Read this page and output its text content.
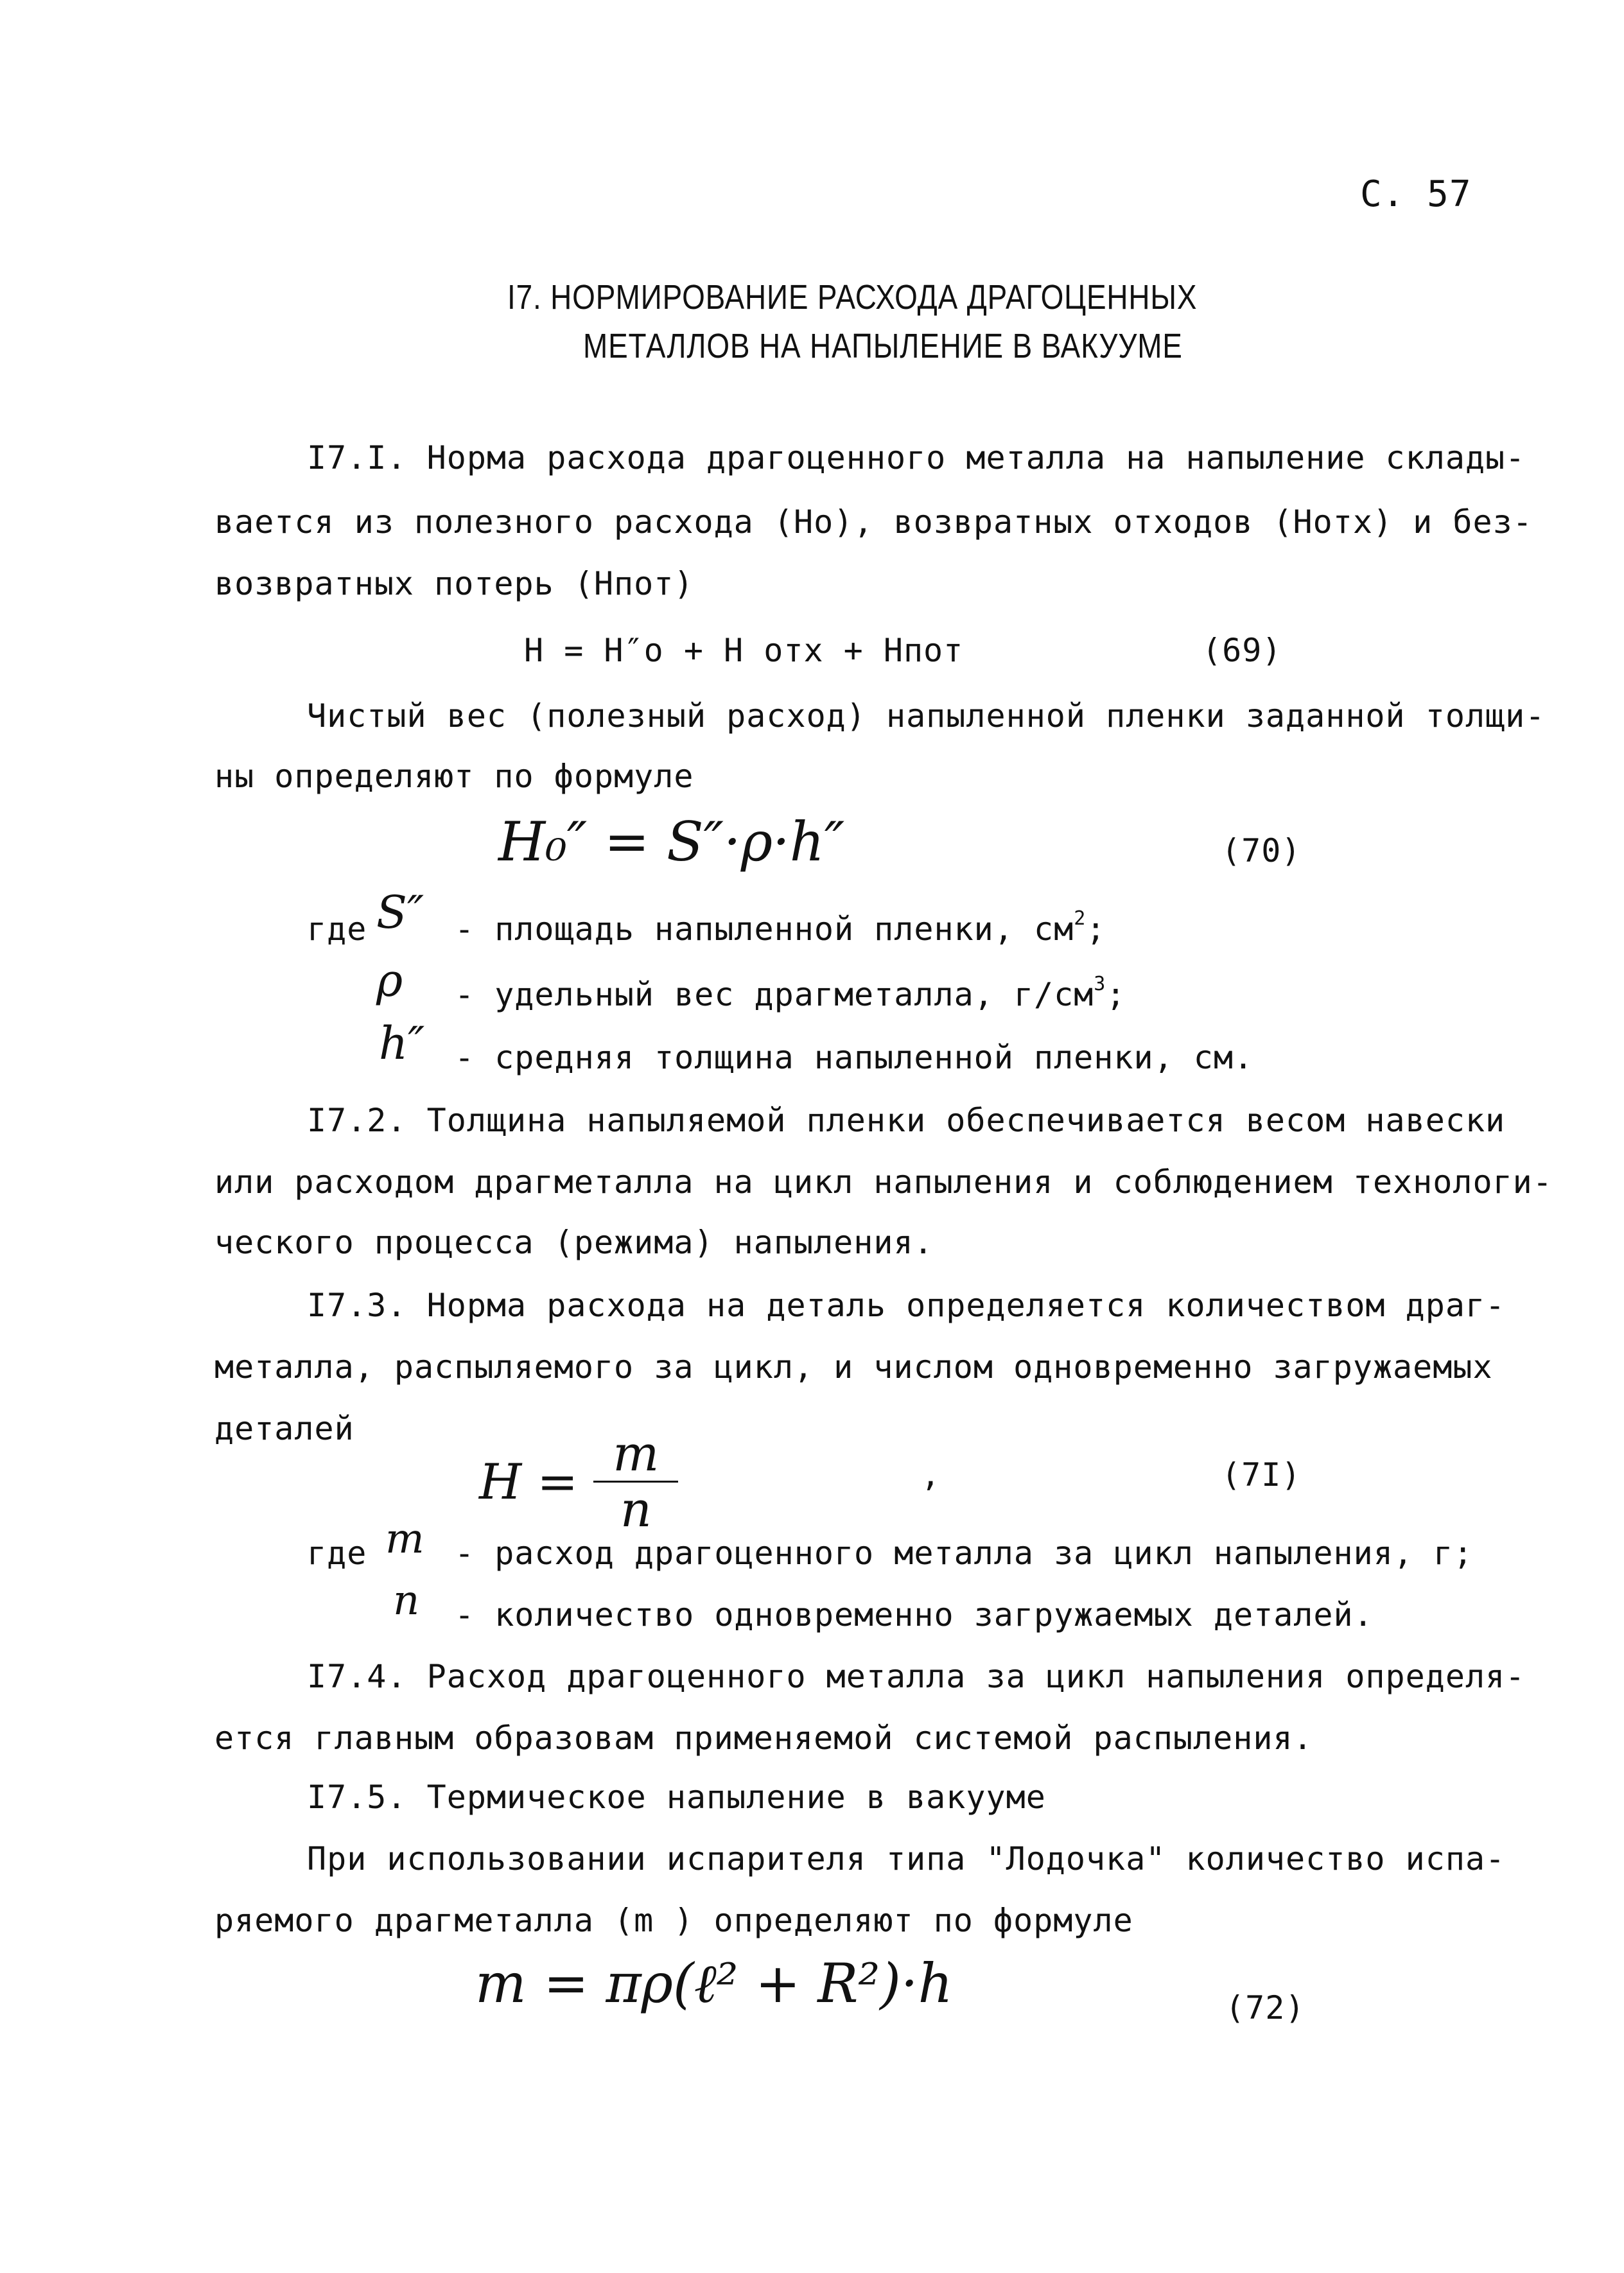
С. 57
I7. НОРМИРОВАНИЕ РАСХОДА ДРАГОЦЕННЫХ
МЕТАЛЛОВ НА НАПЫЛЕНИЕ В ВАКУУМЕ
I7.I. Норма расхода драгоценного металла на напыление склады-
вается из полезного расхода (Но), возвратных отходов (Нотх) и без-
возвратных потерь (Нпот)
Н = Н″о + Н отх + Нпот	(69)
Чистый вес (полезный расход) напыленной пленки заданной толщи-
ны определяют по формуле
H₀″ = S″·ρ·h″	(70)
где S″ - площадь напыленной пленки, $см^2$;
ρ - удельный вес драгметалла, $г/см^3$;
h″ - средняя толщина напыленной пленки, см.
I7.2. Толщина напыляемой пленки обеспечивается весом навески
или расходом драгметалла на цикл напыления и соблюдением технологи-
ческого процесса (режима) напыления.
I7.3. Норма расхода на деталь определяется количеством драг-
металла, распыляемого за цикл, и числом одновременно загружаемых
деталей
$H = \frac{m}{n}$	,	(7I)
где m - расход драгоценного металла за цикл напыления, г;
n - количество одновременно загружаемых деталей.
I7.4. Расход драгоценного металла за цикл напыления определя-
ется главным образовам применяемой системой распыления.
I7.5. Термическое напыление в вакууме
При использовании испарителя типа "Лодочка" количество испа-
ряемого драгметалла (m ) определяют по формуле
m = πρ(ℓ² + R²)·h	(72)
